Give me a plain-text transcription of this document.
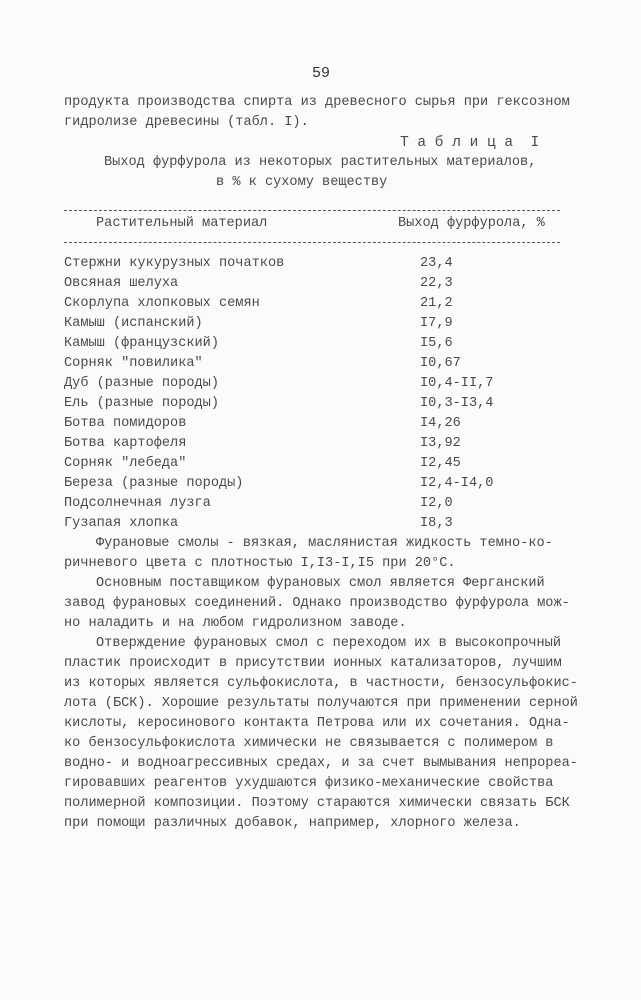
59
продукта производства спирта из древесного сырья при гексозном
гидролизе древесины (табл. I).
Т а б л и ц а  I
Выход фурфурола из некоторых растительных материалов,
в % к сухому веществу
Растительный материал	Выход фурфурола, %
Стержни кукурузных початков	23,4
Овсяная шелуха	22,3
Скорлупа хлопковых семян	21,2
Камыш (испанский)	I7,9
Камыш (французский)	I5,6
Сорняк "повилика"	I0,67
Дуб (разные породы)	I0,4-II,7
Ель (разные породы)	I0,3-I3,4
Ботва помидоров	I4,26
Ботва картофеля	I3,92
Сорняк "лебеда"	I2,45
Береза (разные породы)	I2,4-I4,0
Подсолнечная лузга	I2,0
Гузапая хлопка	I8,3
Фурановые смолы - вязкая, маслянистая жидкость темно-ко-
ричневого цвета с плотностью I,I3-I,I5 при 20°С.
Основным поставщиком фурановых смол является Ферганский
завод фурановых соединений. Однако производство фурфурола мож-
но наладить и на любом гидролизном заводе.
Отверждение фурановых смол с переходом их в высокопрочный
пластик происходит в присутствии ионных катализаторов, лучшим
из которых является сульфокислота, в частности, бензосульфокис-
лота (БСК). Хорошие результаты получаются при применении серной
кислоты, керосинового контакта Петрова или их сочетания. Одна-
ко бензосульфокислота химически не связывается с полимером в
водно- и водноагрессивных средах, и за счет вымывания непрореа-
гировавших реагентов ухудшаются физико-механические свойства
полимерной композиции. Поэтому стараются химически связать БСК
при помощи различных добавок, например, хлорного железа.
